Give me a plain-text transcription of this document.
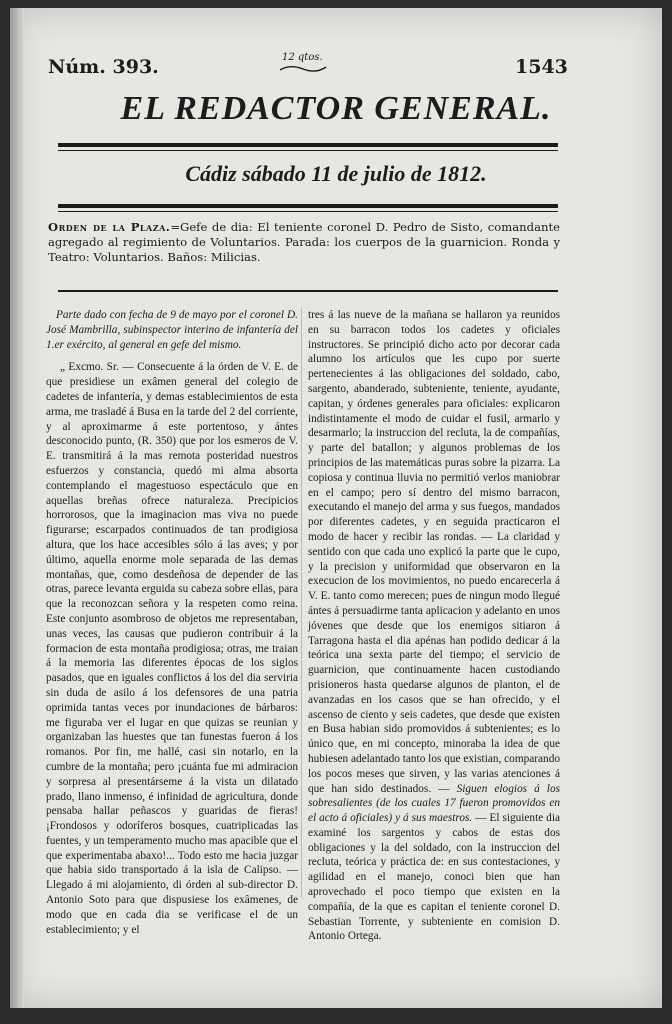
Núm. 393.	12 qtos.	1543
EL REDACTOR GENERAL.
Cádiz sábado 11 de julio de 1812.
Orden de la Plaza.=Gefe de dia: El teniente coronel D. Pedro de Sisto, comandante agregado al regimiento de Voluntarios. Parada: los cuerpos de la guarnicion. Ronda y Teatro: Voluntarios. Baños: Milicias.

Parte dado con fecha de 9 de mayo por el coronel D. José Mambrilla, subinspector interino de infantería del 1.er exército, al general en gefe del mismo.

„ Excmo. Sr. — Consecuente á la órden de V. E. de que presidiese un exâmen general del colegio de cadetes de infantería, y demas establecimientos de esta arma, me trasladé á Busa en la tarde del 2 del corriente, y al aproximarme á este portentoso, y ántes desconocido punto, (R. 350) que por los esmeros de V. E. transmitirá á la mas remota posteridad nuestros esfuerzos y constancia, quedó mi alma absorta contemplando el magestuoso espectáculo que en aquellas breñas ofrece naturaleza. Precipicios horrorosos, que la imaginacion mas viva no puede figurarse; escarpados continuados de tan prodigiosa altura, que los hace accesibles sólo á las aves; y por último, aquella enorme mole separada de las demas montañas, que, como desdeñosa de depender de las otras, parece levanta erguida su cabeza sobre ellas, para que la reconozcan señora y la respeten como reina. Este conjunto asombroso de objetos me representaban, unas veces, las causas que pudieron contribuir á la formacion de esta montaña prodigiosa; otras, me traian á la memoria las diferentes épocas de los siglos pasados, que en iguales conflictos á los del dia serviria sin duda de asilo á los defensores de una patria oprimida tantas veces por inundaciones de bárbaros: me figuraba ver el lugar en que quizas se reunian y organizaban las huestes que tan funestas fueron á los romanos. Por fin, me hallé, casi sin notarlo, en la cumbre de la montaña; pero ¡cuánta fue mi admiracion y sorpresa al presentárseme á la vista un dilatado prado, llano inmenso, é infinidad de agricultura, donde pensaba hallar peñascos y guaridas de fieras! ¡Frondosos y odoríferos bosques, cuatriplicadas las fuentes, y un temperamento mucho mas apacible que el que experimentaba abaxo!... Todo esto me hacia juzgar que habia sido transportado á la isla de Calipso. — Llegado á mi alojamiento, di órden al sub-director D. Antonio Soto para que dispusiese los exâmenes, de modo que en cada dia se verificase el de un establecimiento; y el

tres á las nueve de la mañana se hallaron ya reunidos en su barracon todos los cadetes y oficiales instructores. Se principió dicho acto por decorar cada alumno los artículos que les cupo por suerte pertenecientes á las obligaciones del soldado, cabo, sargento, abanderado, subteniente, teniente, ayudante, capitan, y órdenes generales para oficiales: explicaron indistintamente el modo de cuidar el fusil, armarlo y desarmarlo; la instruccion del recluta, la de compañías, y parte del batallon; y algunos problemas de los principios de las matemáticas puras sobre la pizarra. La copiosa y continua lluvia no permitió verlos maniobrar en el campo; pero sí dentro del mismo barracon, executando el manejo del arma y sus fuegos, mandados por diferentes cadetes, y en seguida practicaron el modo de hacer y recibir las rondas. — La claridad y sentido con que cada uno explicó la parte que le cupo, y la precision y uniformidad que observaron en la execucion de los movimientos, no puedo encarecerla á V. E. tanto como merecen; pues de ningun modo llegué ántes á persuadirme tanta aplicacion y adelanto en unos jóvenes que desde que los enemigos sitiaron á Tarragona hasta el dia apénas han podido dedicar á la teórica una sexta parte del tiempo; el servicio de guarnicion, que continuamente hacen custodiando prisioneros hasta quedarse algunos de planton, el de avanzadas en los casos que se han ofrecido, y el ascenso de ciento y seis cadetes, que desde que existen en Busa habian sido promovidos á subtenientes; es lo único que, en mi concepto, minoraba la idea de que hubiesen adelantado tanto los que existian, comparando los pocos meses que sirven, y las varias atenciones á que han sido destinados. — Siguen elogios á los sobresalientes (de los cuales 17 fueron promovidos en el acto á oficiales) y á sus maestros. — El siguiente dia examiné los sargentos y cabos de estas dos obligaciones y la del soldado, con la instruccion del recluta, teórica y práctica de: en sus contestaciones, y agilidad en el manejo, conoci bien que han aprovechado el poco tiempo que existen en la compañía, de la que es capitan el teniente coronel D. Sebastian Torrente, y subteniente en comision D. Antonio Ortega.
